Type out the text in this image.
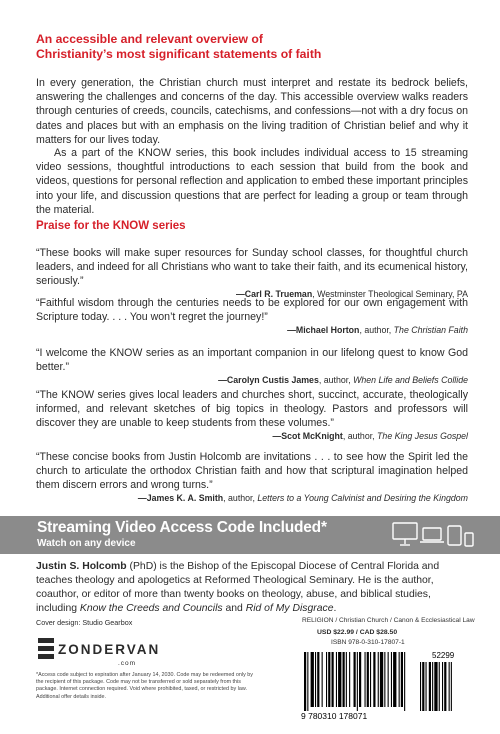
An accessible and relevant overview of
Christianity’s most significant statements of faith
In every generation, the Christian church must interpret and restate its bedrock beliefs, answering the challenges and concerns of the day. This accessible overview walks readers through centuries of creeds, councils, catechisms, and confessions—not with a dry focus on dates and places but with an emphasis on the living tradition of Christian belief and why it matters for our lives today.
As a part of the KNOW series, this book includes individual access to 15 streaming video sessions, thoughtful introductions to each session that build from the book and videos, questions for personal reflection and application to embed these important principles into your life, and discussion questions that are perfect for leading a group or team through the material.
Praise for the KNOW series
“These books will make super resources for Sunday school classes, for thoughtful church leaders, and indeed for all Christians who want to take their faith, and its ecumenical history, seriously.”
—Carl R. Trueman, Westminster Theological Seminary, PA
“Faithful wisdom through the centuries needs to be explored for our own engagement with Scripture today. . . . You won’t regret the journey!”
—Michael Horton, author, The Christian Faith
“I welcome the KNOW series as an important companion in our lifelong quest to know God better.”
—Carolyn Custis James, author, When Life and Beliefs Collide
“The KNOW series gives local leaders and churches short, succinct, accurate, theologically informed, and relevant sketches of big topics in theology. Pastors and professors will discover they are unable to keep students from these volumes.”
—Scot McKnight, author, The King Jesus Gospel
“These concise books from Justin Holcomb are invitations . . . to see how the Spirit led the church to articulate the orthodox Christian faith and how that scriptural imagination helped them discern errors and wrong turns.”
—James K. A. Smith, author, Letters to a Young Calvinist and Desiring the Kingdom
Streaming Video Access Code Included*
Watch on any device
Justin S. Holcomb (PhD) is the Bishop of the Episcopal Diocese of Central Florida and teaches theology and apologetics at Reformed Theological Seminary. He is the author, coauthor, or editor of more than twenty books on theology, abuse, and biblical studies, including Know the Creeds and Councils and Rid of My Disgrace.
Cover design: Studio Gearbox
ZONDERVAN
.com
*Access code subject to expiration after January 14, 2030. Code may be redeemed only by the recipient of this package. Code may not be transferred or sold separately from this package. Internet connection required. Void where prohibited, taxed, or restricted by law. Additional offer details inside.
RELIGION / Christian Church / Canon & Ecclesiastical Law
USD $22.99 / CAD $28.50
ISBN 978-0-310-17807-1
9 780310 178071
52299
